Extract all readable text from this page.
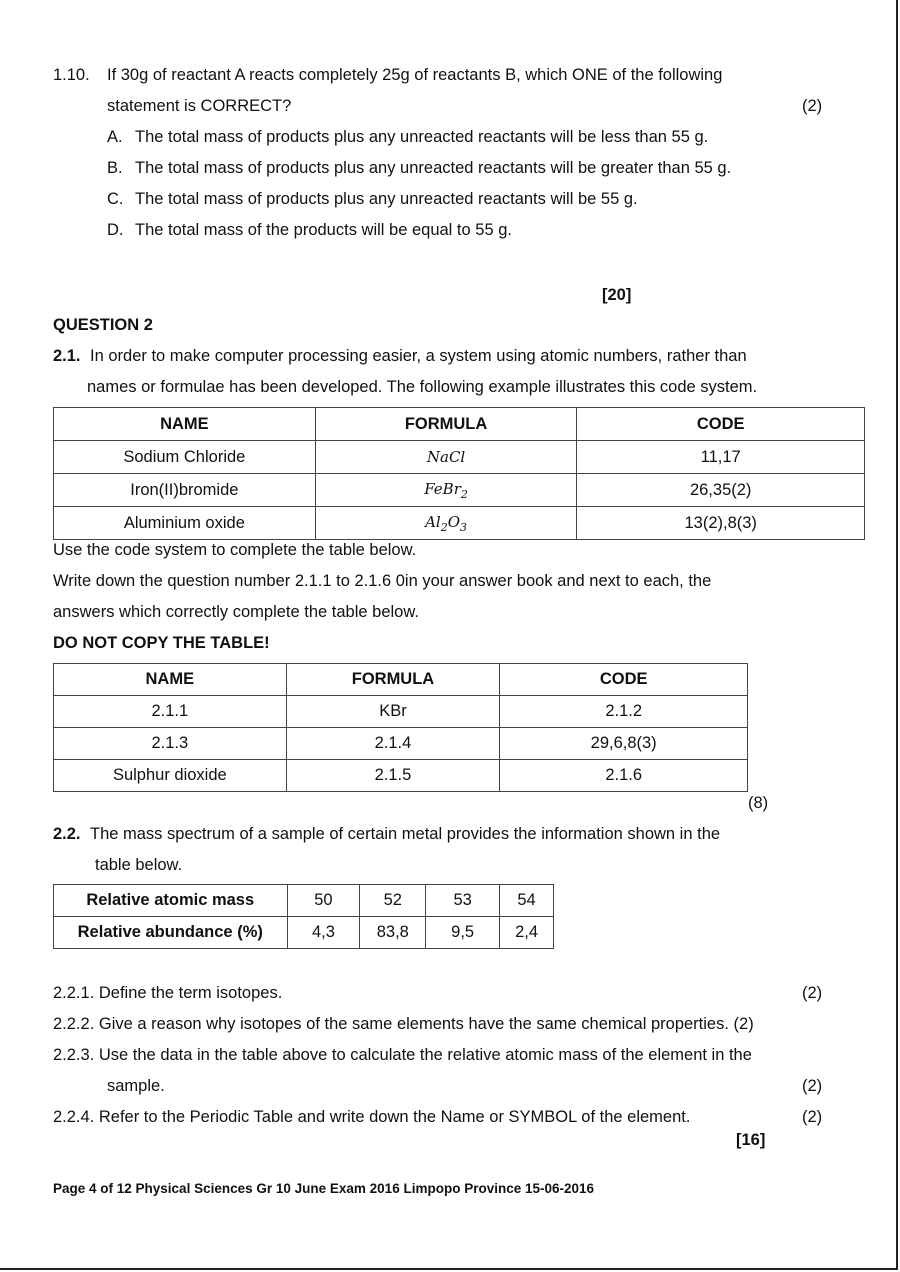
1.10. If 30g of reactant A reacts completely 25g of reactants B, which ONE of the following
statement is CORRECT?	(2)
A. The total mass of products plus any unreacted reactants will be less than 55 g.
B. The total mass of products plus any unreacted reactants will be greater than 55 g.
C. The total mass of products plus any unreacted reactants will be 55 g.
D. The total mass of the products will be equal to 55 g.
[20]
QUESTION 2
2.1. In order to make computer processing easier, a system using atomic numbers, rather than
names or formulae has been developed. The following example illustrates this code system.
NAME	FORMULA	CODE
Sodium Chloride	NaCl	11,17
Iron(II)bromide	FeBr$_2$	26,35(2)
Aluminium oxide	$Al_2O_3$	13(2),8(3)
Use the code system to complete the table below.
Write down the question number 2.1.1 to 2.1.6 0in your answer book and next to each, the
answers which correctly complete the table below.
DO NOT COPY THE TABLE!
NAME	FORMULA	CODE
2.1.1	KBr	2.1.2
2.1.3	2.1.4	29,6,8(3)
Sulphur dioxide	2.1.5	2.1.6
(8)
2.2. The mass spectrum of a sample of certain metal provides the information shown in the
table below.
Relative atomic mass	50	52	53	54
Relative abundance (%)	4,3	83,8	9,5	2,4
2.2.1. Define the term isotopes.	(2)
2.2.2. Give a reason why isotopes of the same elements have the same chemical properties. (2)
2.2.3. Use the data in the table above to calculate the relative atomic mass of the element in the
sample.	(2)
2.2.4. Refer to the Periodic Table and write down the Name or SYMBOL of the element.	(2)
[16]
Page 4 of 12 Physical Sciences Gr 10 June Exam 2016 Limpopo Province 15-06-2016
